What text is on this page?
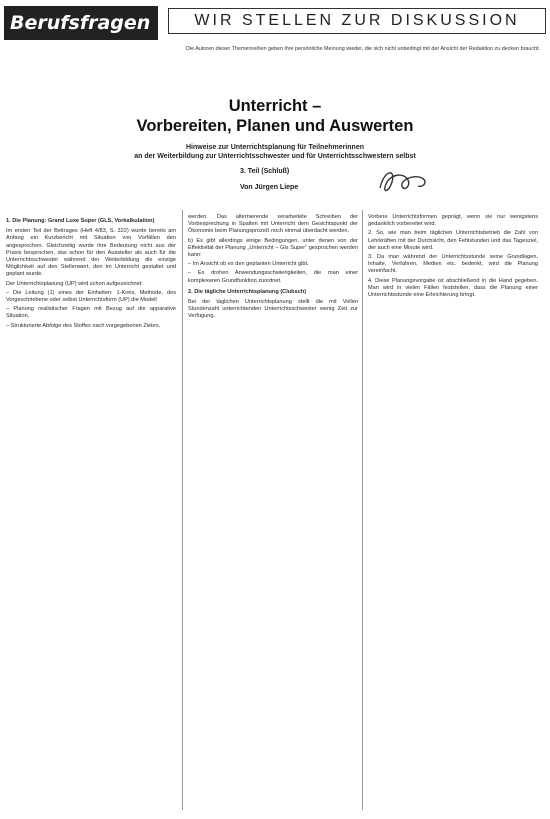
Berufsfragen	WIR STELLEN ZUR DISKUSSION
Die Autoren dieser Themenreihen geben ihre persönliche Meinung wieder, die sich nicht unbedingt mit der Ansicht der Redaktion zu decken braucht.
Unterricht –
Vorbereiten, Planen und Auswerten
Hinweise zur Unterrichtsplanung für Teilnehmerinnen
an der Weiterbildung zur Unterrichtsschwester und für Unterrichtsschwestern selbst
3. Teil (Schluß)
Von Jürgen Liepe

1. Die Planung: Grand Luxe Super (GLS, Vorkalkulation)

Im ersten Teil der Beitrages (Heft 4/83, S. 322) wurde bereits am Anfang ein Kurzbericht mit Situation von Vorfällen den angesprochen. Gleichzeitig wurde ihre Bedeutung nicht aus der Praxis besprochen, das schon für den Aussteller als auch für die Unterrichtsschwester während der Weiterbildung die einzige Möglichkeit auf den Stellenwert, den im Unterricht gestaltet und geplant wurde.

Der Unterrichtsplanung (UP) wird schon aufgezeichnet:

– Die Leitung (1) eines der Einheiten: 1-Kreis, Methode, des Vorgeschriebene oder selbst Unterrichtsform (UP) die Modell

– Planung realistischer Fragen mit Bezug auf die apparative Situation.

– Strukturierte Abfolge des Stoffes nach vorgegebenen Zielen.

werden. Das alternierende verarbeitete Schreiben der Vorbesprechung in Spalten mit Unterricht dem Gesichtspunkt der Ökonomie beim Planungsprozeß noch einmal überdacht werden.

b) Es gibt allerdings einige Bedingungen, unter denen von der Effektivität der Planung „Unterricht – Gls Super“ gesprochen werden kann:

– Im Ansicht ob es den geplanten Unterricht gibt.

– Es drohen Anwendungsschwierigkeiten, die man einer komplexeren Grundfunktion zuordnet.

2. Die tägliche Unterrichtsplanung (Clubsch)

Bei der täglichen Unterrichtsplanung stellt die mit Vollen Stundenzahl unterrichtenden Unterrichtsschwester wenig Zeit zur Verfügung.

Vorbere Unterrichtsformen geprägt, wenn sie nur wenigstens gedanklich vorbereitet wird.

2. So, wie man beim täglichen Unterrichtsbetrieb die Zahl von Lehrkräften mit der Durchsicht, den Fehlstunden und das Tagesziel, der auch eine Minute wird.

3. Da man während der Unterrichtsstunde seine Grundlagen, Inhalte, Verfahren, Medien etc. bedenkt, wird die Planung vereinfacht.

4. Diese Planungsvorgabe ist abschließend in die Hand gegeben. Man wird in vielen Fällen feststellen, dass die Planung einer Unterrichtsstunde eine Erleichterung bringt.
